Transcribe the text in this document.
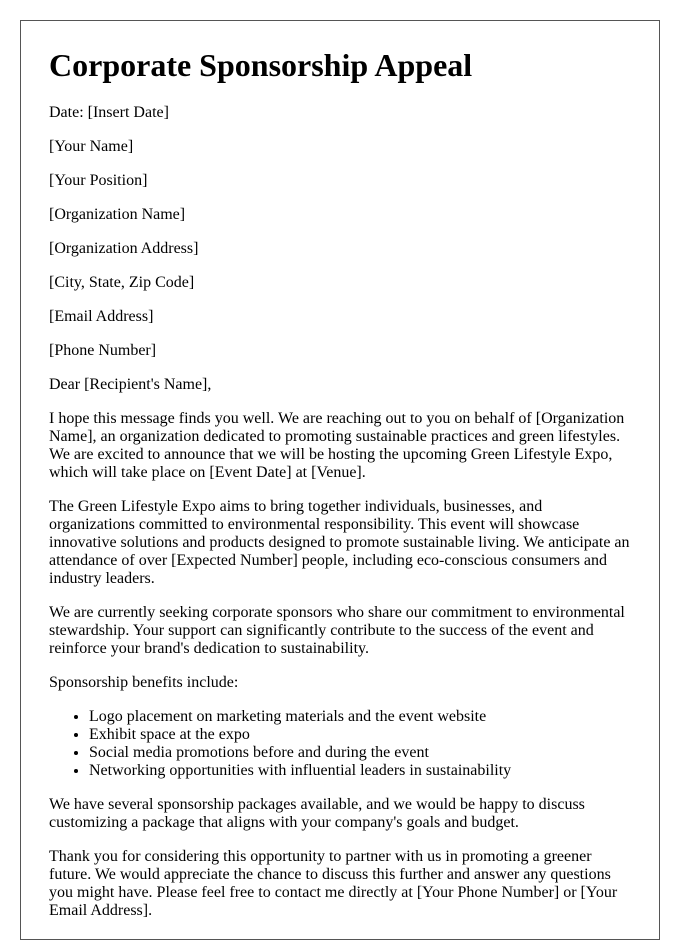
Corporate Sponsorship Appeal

Date: [Insert Date]

[Your Name]

[Your Position]

[Organization Name]

[Organization Address]

[City, State, Zip Code]

[Email Address]

[Phone Number]

Dear [Recipient's Name],

I hope this message finds you well. We are reaching out to you on behalf of [Organization Name], an organization dedicated to promoting sustainable practices and green lifestyles. We are excited to announce that we will be hosting the upcoming Green Lifestyle Expo, which will take place on [Event Date] at [Venue].

The Green Lifestyle Expo aims to bring together individuals, businesses, and organizations committed to environmental responsibility. This event will showcase innovative solutions and products designed to promote sustainable living. We anticipate an attendance of over [Expected Number] people, including eco-conscious consumers and industry leaders.

We are currently seeking corporate sponsors who share our commitment to environmental stewardship. Your support can significantly contribute to the success of the event and reinforce your brand's dedication to sustainability.

Sponsorship benefits include:

• Logo placement on marketing materials and the event website
• Exhibit space at the expo
• Social media promotions before and during the event
• Networking opportunities with influential leaders in sustainability

We have several sponsorship packages available, and we would be happy to discuss customizing a package that aligns with your company's goals and budget.

Thank you for considering this opportunity to partner with us in promoting a greener future. We would appreciate the chance to discuss this further and answer any questions you might have. Please feel free to contact me directly at [Your Phone Number] or [Your Email Address].
